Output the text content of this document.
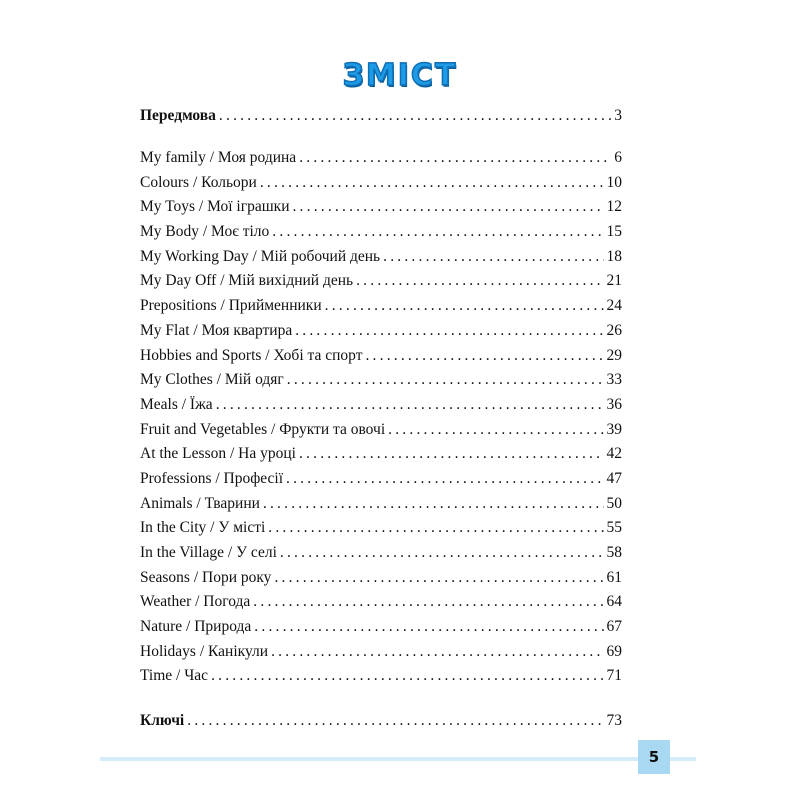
ЗМІСТ
Передмова .....	3
My family / Моя родина .....	6
Colours / Кольори .....	10
My Toys / Мої іграшки .....	12
My Body / Моє тіло .....	15
My Working Day / Мій робочий день .....	18
My Day Off / Мій вихідний день .....	21
Prepositions / Прийменники .....	24
My Flat / Моя квартира .....	26
Hobbies and Sports / Хобі та спорт .....	29
My Clothes / Мій одяг .....	33
Meals / Їжа .....	36
Fruit and Vegetables / Фрукти та овочі .....	39
At the Lesson / На уроці .....	42
Professions / Професії .....	47
Animals / Тварини .....	50
In the City / У місті .....	55
In the Village / У селі .....	58
Seasons / Пори року .....	61
Weather / Погода .....	64
Nature / Природа .....	67
Holidays / Канікули .....	69
Time / Час .....	71
Ключі .....	73
5
